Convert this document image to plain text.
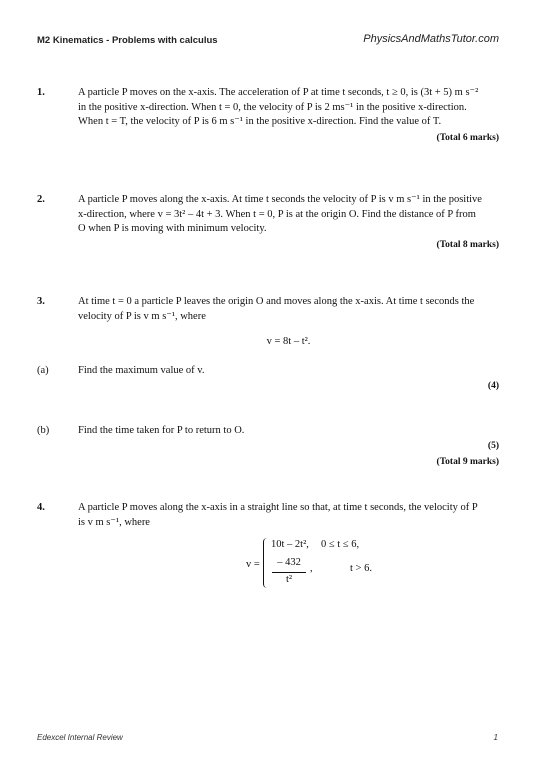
M2 Kinematics - Problems with calculus	PhysicsAndMathsTutor.com
1.	A particle P moves on the x-axis. The acceleration of P at time t seconds, t ≥ 0, is (3t + 5) m s⁻²
in the positive x-direction. When t = 0, the velocity of P is 2 ms⁻¹ in the positive x-direction.
When t = T, the velocity of P is 6 m s⁻¹ in the positive x-direction. Find the value of T.
(Total 6 marks)
2.	A particle P moves along the x-axis. At time t seconds the velocity of P is v m s⁻¹ in the positive
x-direction, where v = 3t² – 4t + 3. When t = 0, P is at the origin O. Find the distance of P from
O when P is moving with minimum velocity.
(Total 8 marks)
3.	At time t = 0 a particle P leaves the origin O and moves along the x-axis. At time t seconds the
velocity of P is v m s⁻¹, where
v = 8t – t².
(a)	Find the maximum value of v.
(4)
(b)	Find the time taken for P to return to O.
(5)
(Total 9 marks)
4.	A particle P moves along the x-axis in a straight line so that, at time t seconds, the velocity of P
is v m s⁻¹, where
v =
10t – 2t², 0 ≤ t ≤ 6,
– 432
t²
,	t > 6.
Edexcel Internal Review	1
